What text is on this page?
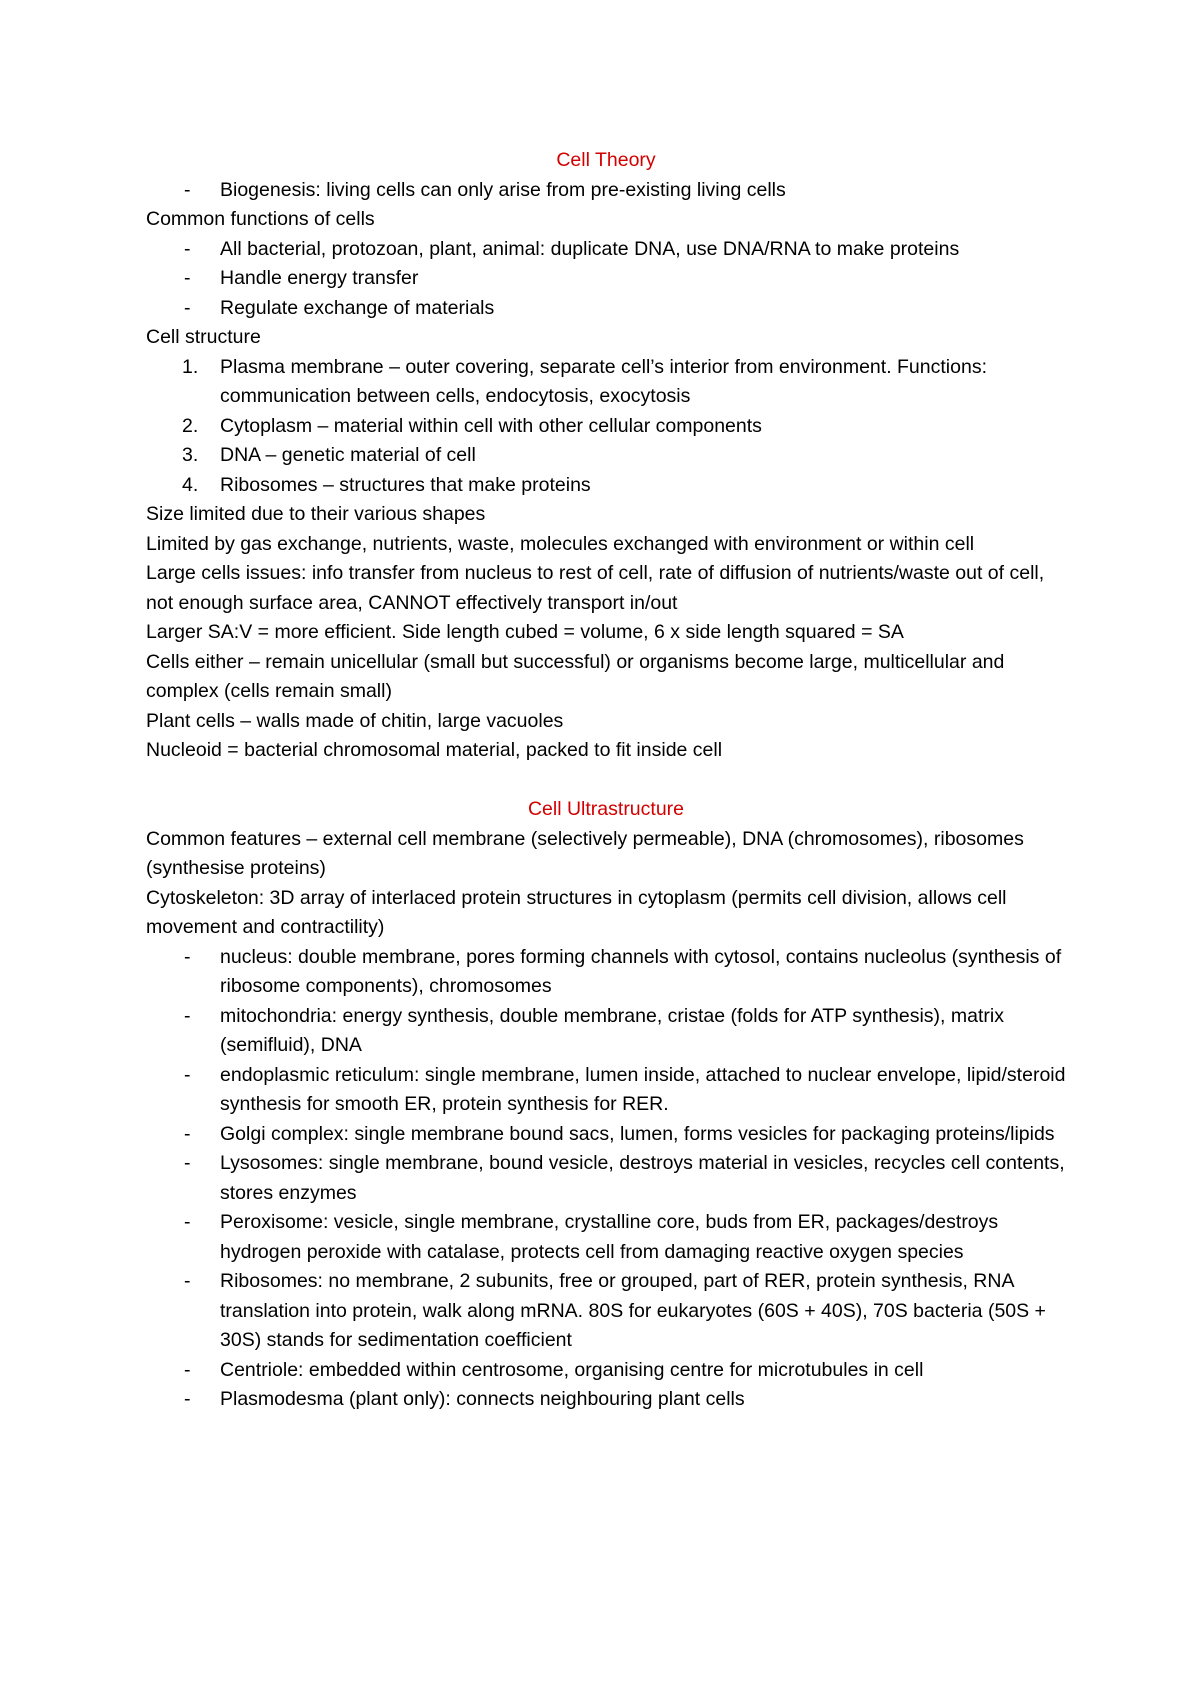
Cell Theory
- Biogenesis: living cells can only arise from pre-existing living cells

Common functions of cells

- All bacterial, protozoan, plant, animal: duplicate DNA, use DNA/RNA to make proteins
- Handle energy transfer
- Regulate exchange of materials

Cell structure

1. Plasma membrane – outer covering, separate cell’s interior from environment. Functions: communication between cells, endocytosis, exocytosis
2. Cytoplasm – material within cell with other cellular components
3. DNA – genetic material of cell
4. Ribosomes – structures that make proteins

Size limited due to their various shapes

Limited by gas exchange, nutrients, waste, molecules exchanged with environment or within cell

Large cells issues: info transfer from nucleus to rest of cell, rate of diffusion of nutrients/waste out of cell, not enough surface area, CANNOT effectively transport in/out

Larger SA:V = more efficient. Side length cubed = volume, 6 x side length squared = SA

Cells either – remain unicellular (small but successful) or organisms become large, multicellular and complex (cells remain small)

Plant cells – walls made of chitin, large vacuoles

Nucleoid = bacterial chromosomal material, packed to fit inside cell

Cell Ultrastructure

Common features – external cell membrane (selectively permeable), DNA (chromosomes), ribosomes (synthesise proteins)

Cytoskeleton: 3D array of interlaced protein structures in cytoplasm (permits cell division, allows cell movement and contractility)

- nucleus: double membrane, pores forming channels with cytosol, contains nucleolus (synthesis of ribosome components), chromosomes
- mitochondria: energy synthesis, double membrane, cristae (folds for ATP synthesis), matrix (semifluid), DNA
- endoplasmic reticulum: single membrane, lumen inside, attached to nuclear envelope, lipid/steroid synthesis for smooth ER, protein synthesis for RER.
- Golgi complex: single membrane bound sacs, lumen, forms vesicles for packaging proteins/lipids
- Lysosomes: single membrane, bound vesicle, destroys material in vesicles, recycles cell contents, stores enzymes
- Peroxisome: vesicle, single membrane, crystalline core, buds from ER, packages/destroys hydrogen peroxide with catalase, protects cell from damaging reactive oxygen species
- Ribosomes: no membrane, 2 subunits, free or grouped, part of RER, protein synthesis, RNA translation into protein, walk along mRNA. 80S for eukaryotes (60S + 40S), 70S bacteria (50S + 30S) stands for sedimentation coefficient
- Centriole: embedded within centrosome, organising centre for microtubules in cell
- Plasmodesma (plant only): connects neighbouring plant cells
